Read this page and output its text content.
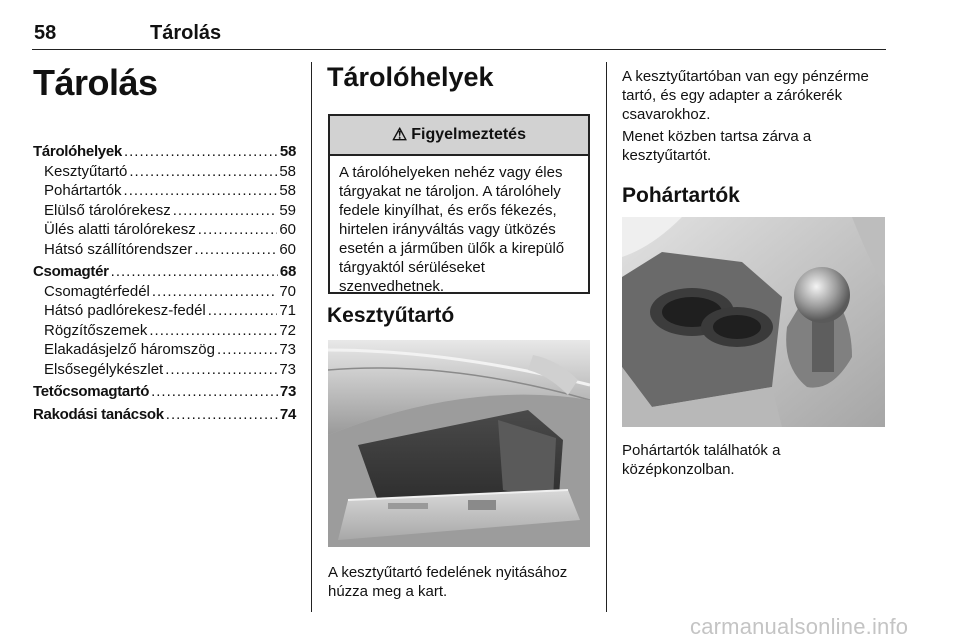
58	Tárolás
Tárolás
Tárolóhelyek .....	58
Kesztyűtartó .....	58
Pohártartók .....	58
Elülső tárolórekesz .....	59
Ülés alatti tárolórekesz .....	60
Hátsó szállítórendszer .....	60
Csomagtér .....	68
Csomagtérfedél .....	70
Hátsó padlórekesz-fedél .....	71
Rögzítőszemek .....	72
Elakadásjelző háromszög .....	73
Elsősegélykészlet .....	73
Tetőcsomagtartó .....	73
Rakodási tanácsok .....	74
Tárolóhelyek
⚠ Figyelmeztetés
A tárolóhelyeken nehéz vagy éles
tárgyakat ne tároljon. A tárolóhely
fedele kinyílhat, és erős fékezés,
hirtelen irányváltás vagy ütközés
esetén a járműben ülők a kirepülő
tárgyaktól sérüléseket
szenvedhetnek.
Kesztyűtartó
A kesztyűtartó fedelének nyitásához
húzza meg a kart.
A kesztyűtartóban van egy pénzérme
tartó, és egy adapter a zárókerék
csavarokhoz.
Menet közben tartsa zárva a
kesztyűtartót.
Pohártartók
Pohártartók találhatók a
középkonzolban.
carmanualsonline.info
